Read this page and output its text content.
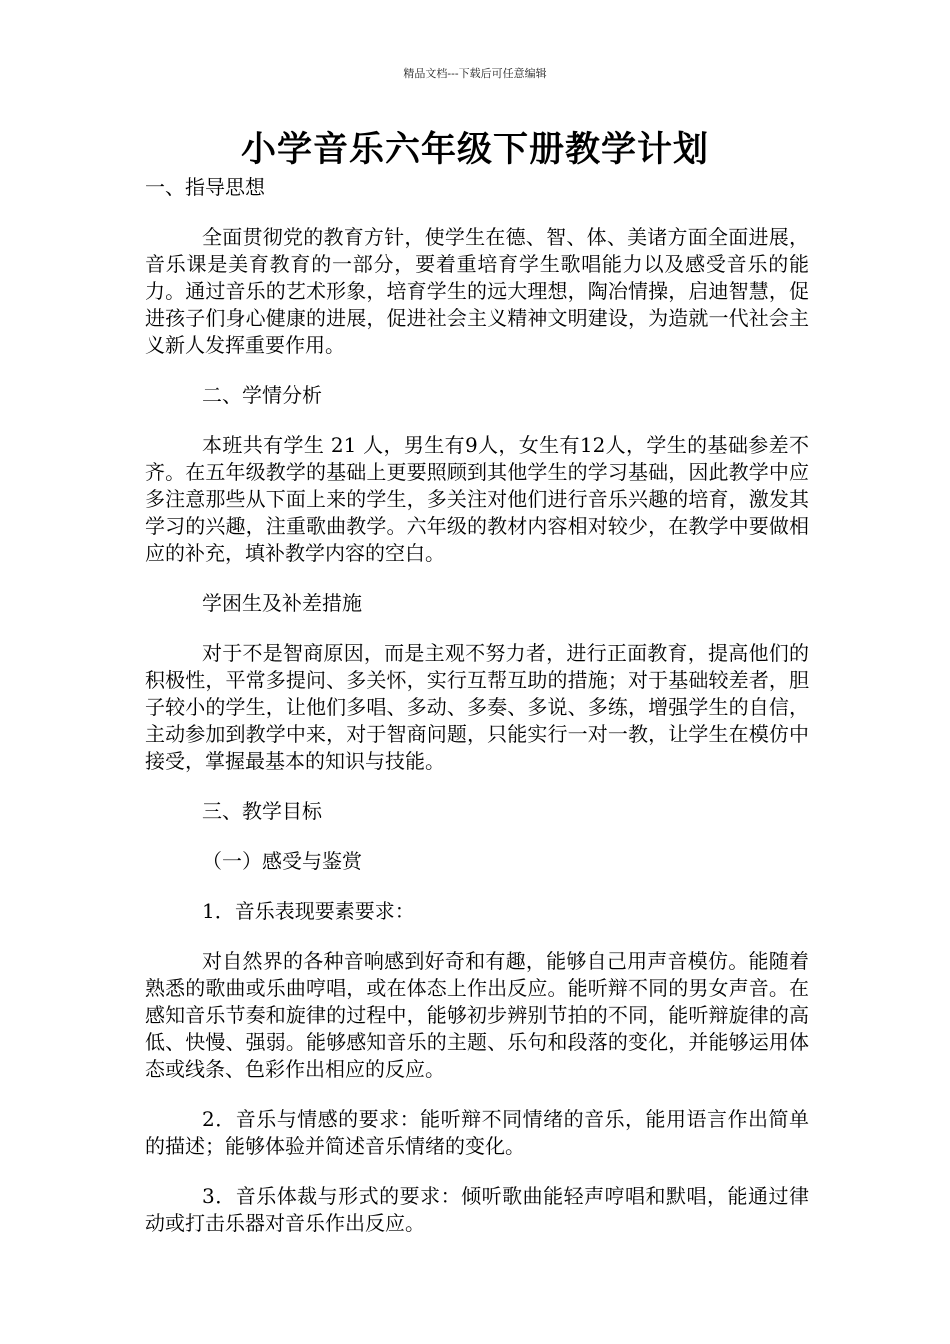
精品文档---下载后可任意编辑
小学音乐六年级下册教学计划

一、指导思想

全面贯彻党的教育方针，使学生在德、智、体、美诸方面全面进展，音乐课是美育教育的一部分，要着重培育学生歌唱能力以及感受音乐的能力。通过音乐的艺术形象，培育学生的远大理想，陶冶情操，启迪智慧，促进孩子们身心健康的进展，促进社会主义精神文明建设，为造就一代社会主义新人发挥重要作用。

二、学情分析

本班共有学生 21 人，男生有9人，女生有12人，学生的基础参差不齐。在五年级教学的基础上更要照顾到其他学生的学习基础，因此教学中应多注意那些从下面上来的学生，多关注对他们进行音乐兴趣的培育，激发其学习的兴趣，注重歌曲教学。六年级的教材内容相对较少，在教学中要做相应的补充，填补教学内容的空白。

学困生及补差措施

对于不是智商原因，而是主观不努力者，进行正面教育，提高他们的积极性，平常多提问、多关怀，实行互帮互助的措施；对于基础较差者，胆子较小的学生，让他们多唱、多动、多奏、多说、多练，增强学生的自信，主动参加到教学中来，对于智商问题，只能实行一对一教，让学生在模仿中接受，掌握最基本的知识与技能。

三、教学目标

（一）感受与鉴赏

1．音乐表现要素要求：

对自然界的各种音响感到好奇和有趣，能够自己用声音模仿。能随着熟悉的歌曲或乐曲哼唱，或在体态上作出反应。能听辩不同的男女声音。在感知音乐节奏和旋律的过程中，能够初步辨别节拍的不同，能听辩旋律的高低、快慢、强弱。能够感知音乐的主题、乐句和段落的变化，并能够运用体态或线条、色彩作出相应的反应。

2．音乐与情感的要求：能听辩不同情绪的音乐，能用语言作出简单的描述；能够体验并简述音乐情绪的变化。

3．音乐体裁与形式的要求：倾听歌曲能轻声哼唱和默唱，能通过律动或打击乐器对音乐作出反应。
